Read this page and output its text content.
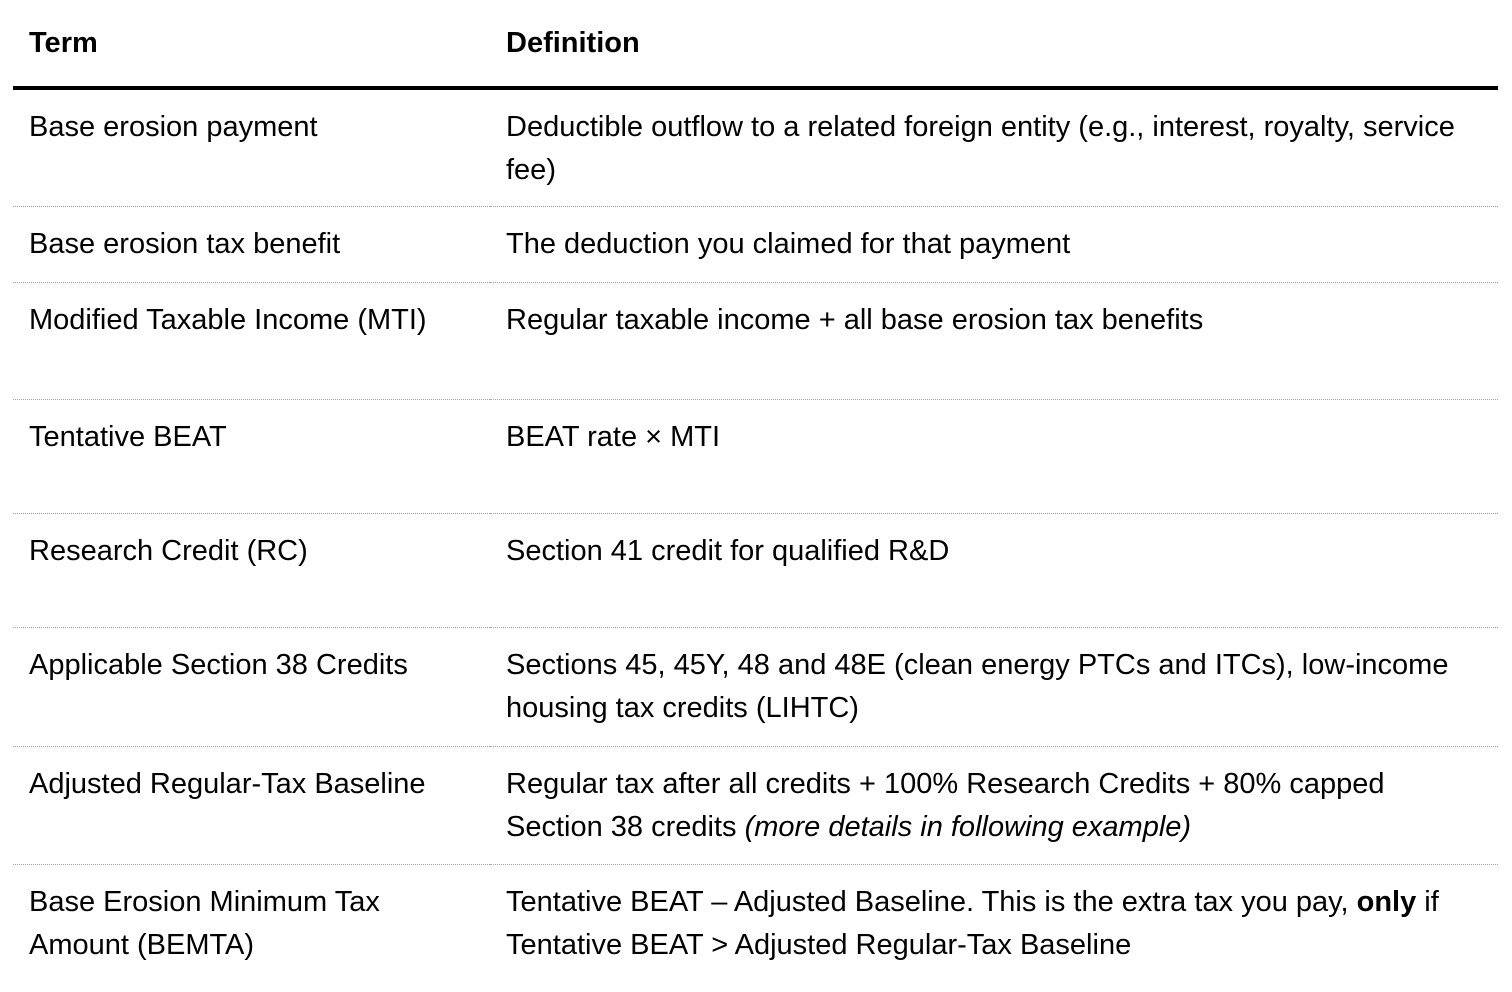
Term	Definition
Base erosion payment	Deductible outflow to a related foreign entity (e.g., interest, royalty, service fee)
Base erosion tax benefit	The deduction you claimed for that payment
Modified Taxable Income (MTI)	Regular taxable income + all base erosion tax benefits
Tentative BEAT	BEAT rate × MTI
Research Credit (RC)	Section 41 credit for qualified R&D
Applicable Section 38 Credits	Sections 45, 45Y, 48 and 48E (clean energy PTCs and ITCs), low-income housing tax credits (LIHTC)
Adjusted Regular-Tax Baseline	Regular tax after all credits + 100% Research Credits + 80% capped Section 38 credits (more details in following example)
Base Erosion Minimum Tax Amount (BEMTA)	Tentative BEAT – Adjusted Baseline. This is the extra tax you pay, only if Tentative BEAT > Adjusted Regular-Tax Baseline
